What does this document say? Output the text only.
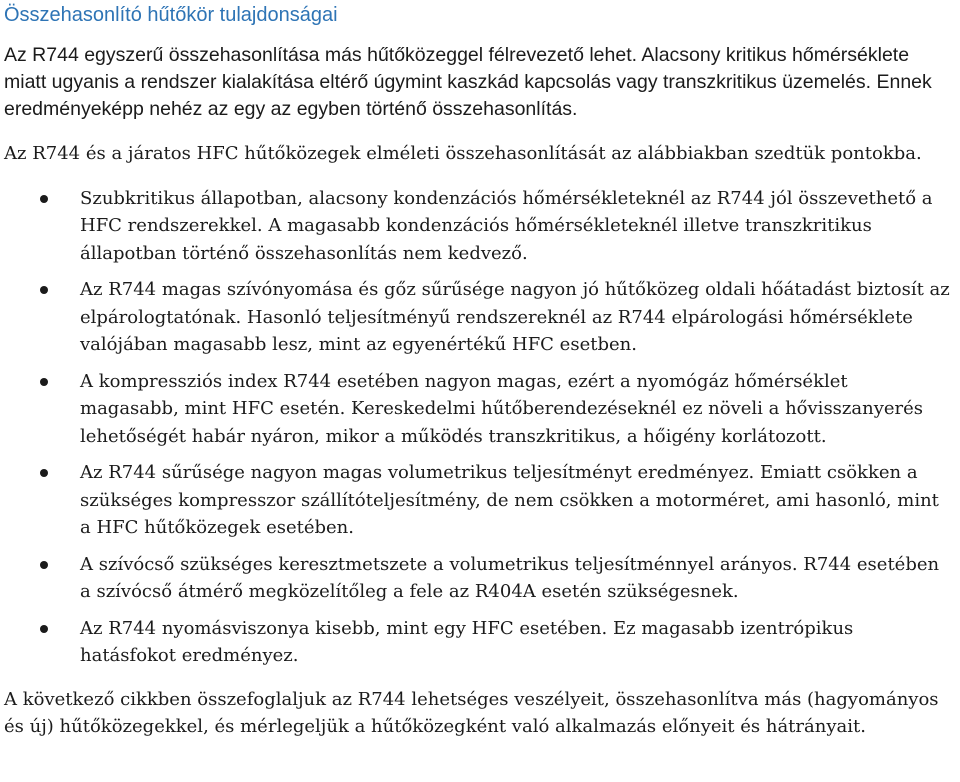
Összehasonlító hűtőkör tulajdonságai

Az R744 egyszerű összehasonlítása más hűtőközeggel félrevezető lehet. Alacsony kritikus hőmérséklete miatt ugyanis a rendszer kialakítása eltérő úgymint kaszkád kapcsolás vagy transzkritikus üzemelés. Ennek eredményeképp nehéz az egy az egyben történő összehasonlítás.

Az R744 és a járatos HFC hűtőközegek elméleti összehasonlítását az alábbiakban szedtük pontokba.

Szubkritikus állapotban, alacsony kondenzációs hőmérsékleteknél az R744 jól összevethető a HFC rendszerekkel. A magasabb kondenzációs hőmérsékleteknél illetve transzkritikus állapotban történő összehasonlítás nem kedvező.
Az R744 magas szívónyomása és gőz sűrűsége nagyon jó hűtőközeg oldali hőátadást biztosít az elpárologtatónak. Hasonló teljesítményű rendszereknél az R744 elpárologási hőmérséklete valójában magasabb lesz, mint az egyenértékű HFC esetben.
A kompressziós index R744 esetében nagyon magas, ezért a nyomógáz hőmérséklet magasabb, mint HFC esetén. Kereskedelmi hűtőberendezéseknél ez növeli a hővisszanyerés lehetőségét habár nyáron, mikor a működés transzkritikus, a hőigény korlátozott.
Az R744 sűrűsége nagyon magas volumetrikus teljesítményt eredményez. Emiatt csökken a szükséges kompresszor szállítóteljesítmény, de nem csökken a motorméret, ami hasonló, mint a HFC hűtőközegek esetében.
A szívócső szükséges keresztmetszete a volumetrikus teljesítménnyel arányos. R744 esetében a szívócső átmérő megközelítőleg a fele az R404A esetén szükségesnek.
Az R744 nyomásviszonya kisebb, mint egy HFC esetében. Ez magasabb izentrópikus hatásfokot eredményez.

A következő cikkben összefoglaljuk az R744 lehetséges veszélyeit, összehasonlítva más (hagyományos és új) hűtőközegekkel, és mérlegeljük a hűtőközegként való alkalmazás előnyeit és hátrányait.
